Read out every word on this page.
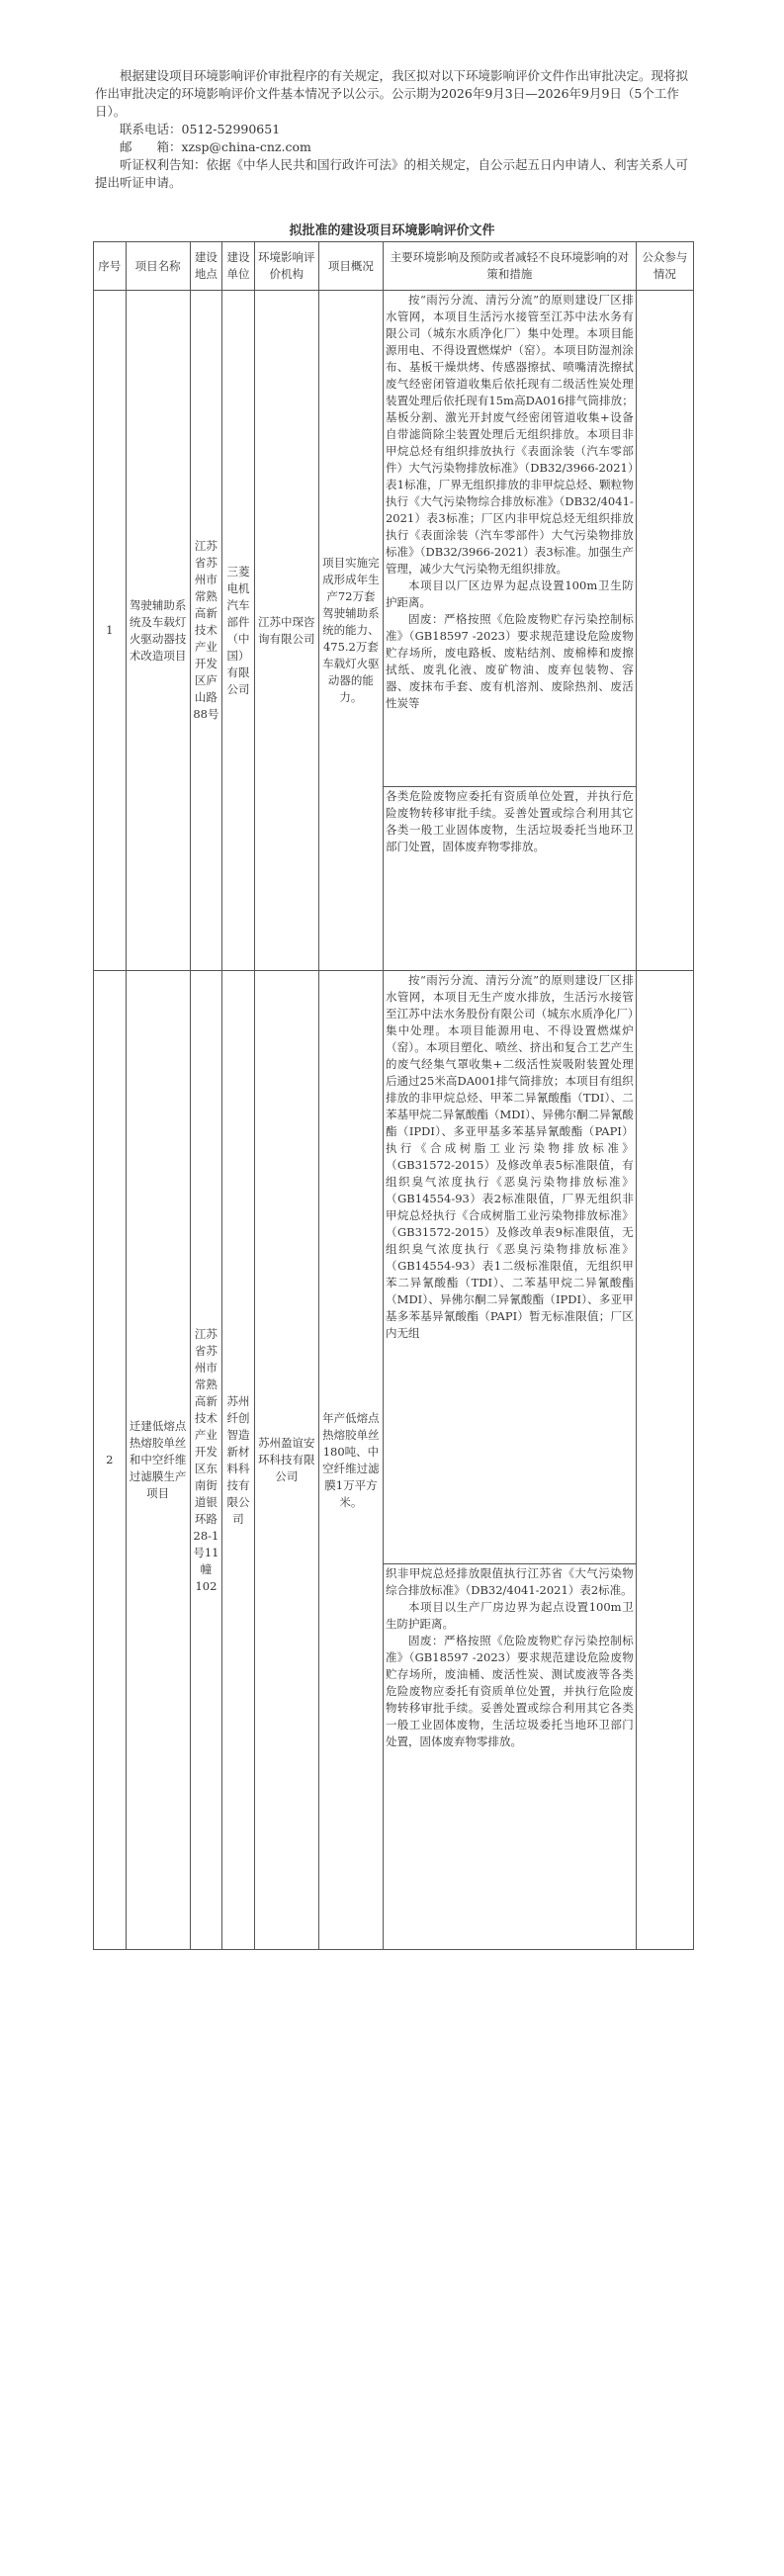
根据建设项目环境影响评价审批程序的有关规定，我区拟对以下环境影响评价文件作出审批决定。现将拟作出审批决定的环境影响评价文件基本情况予以公示。公示期为2026年9月3日—2026年9月9日（5个工作日）。

联系电话：0512-52990651

邮　　箱：xzsp@china-cnz.com

听证权利告知：依据《中华人民共和国行政许可法》的相关规定，自公示起五日内申请人、利害关系人可提出听证申请。

拟批准的建设项目环境影响评价文件
序号	项目名称	建设地点	建设单位	环境影响评价机构	项目概况	主要环境影响及预防或者减轻不良环境影响的对策和措施	公众参与情况
1	驾驶辅助系统及车载灯火驱动器技术改造项目	江苏省苏州市常熟高新技术产业开发区庐山路88号	三菱电机汽车部件（中国）有限公司	江苏中琛咨询有限公司	项目实施完成形成年生产72万套驾驶辅助系统的能力、475.2万套车载灯火驱动器的能力。	按“雨污分流、清污分流”的原则建设厂区排水管网，本项目生活污水接管至江苏中法水务有限公司（城东水质净化厂）集中处理。本项目能源用电、不得设置燃煤炉（窑）。本项目防湿剂涂布、基板干燥烘烤、传感器擦拭、喷嘴清洗擦拭废气经密闭管道收集后依托现有二级活性炭处理装置处理后依托现有15m高DA016排气筒排放；基板分割、激光开封废气经密闭管道收集+设备自带滤筒除尘装置处理后无组织排放。本项目非甲烷总烃有组织排放执行《表面涂装（汽车零部件）大气污染物排放标准》（DB32/3966-2021）表1标准，厂界无组织排放的非甲烷总烃、颗粒物执行《大气污染物综合排放标准》（DB32/4041-2021）表3标准；厂区内非甲烷总烃无组织排放执行《表面涂装（汽车零部件）大气污染物排放标准》（DB32/3966-2021）表3标准。加强生产管理，减少大气污染物无组织排放。

本项目以厂区边界为起点设置100m卫生防护距离。

固废：严格按照《危险废物贮存污染控制标准》（GB18597 -2023）要求规范建设危险废物贮存场所，废电路板、废粘结剂、废棉棒和废擦拭纸、废乳化液、废矿物油、废弃包装物、容器、废抹布手套、废有机溶剂、废除热剂、废活性炭等	

						各类危险废物应委托有资质单位处置，并执行危险废物转移审批手续。妥善处置或综合利用其它各类一般工业固体废物，生活垃圾委托当地环卫部门处置，固体废弃物零排放。	

2	迁建低熔点热熔胶单丝和中空纤维过滤膜生产项目	江苏省苏州市常熟高新技术产业开发区东南街道银环路28-1号11幢102	苏州纤创智造新材料科技有限公司	苏州盈谊安环科技有限公司	年产低熔点热熔胶单丝180吨、中空纤维过滤膜1万平方米。	按“雨污分流、清污分流”的原则建设厂区排水管网，本项目无生产废水排放，生活污水接管至江苏中法水务股份有限公司（城东水质净化厂）集中处理。本项目能源用电、不得设置燃煤炉（窑）。本项目塑化、喷丝、挤出和复合工艺产生的废气经集气罩收集+二级活性炭吸附装置处理后通过25米高DA001排气筒排放；本项目有组织排放的非甲烷总烃、甲苯二异氰酸酯（TDI）、二苯基甲烷二异氰酸酯（MDI）、异佛尔酮二异氰酸酯（IPDI）、多亚甲基多苯基异氰酸酯（PAPI）执行《合成树脂工业污染物排放标准》（GB31572-2015）及修改单表5标准限值，有组织臭气浓度执行《恶臭污染物排放标准》（GB14554-93）表2标准限值，厂界无组织非甲烷总烃执行《合成树脂工业污染物排放标准》（GB31572-2015）及修改单表9标准限值，无组织臭气浓度执行《恶臭污染物排放标准》（GB14554-93）表1二级标准限值，无组织甲苯二异氰酸酯（TDI）、二苯基甲烷二异氰酸酯（MDI）、异佛尔酮二异氰酸酯（IPDI）、多亚甲基多苯基异氰酸酯（PAPI）暂无标准限值；厂区内无组	

						织非甲烷总烃排放限值执行江苏省《大气污染物综合排放标准》（DB32/4041-2021）表2标准。

本项目以生产厂房边界为起点设置100m卫生防护距离。

固废：严格按照《危险废物贮存污染控制标准》（GB18597 -2023）要求规范建设危险废物贮存场所，废油桶、废活性炭、测试废液等各类危险废物应委托有资质单位处置，并执行危险废物转移审批手续。妥善处置或综合利用其它各类一般工业固体废物，生活垃圾委托当地环卫部门处置，固体废弃物零排放。	
